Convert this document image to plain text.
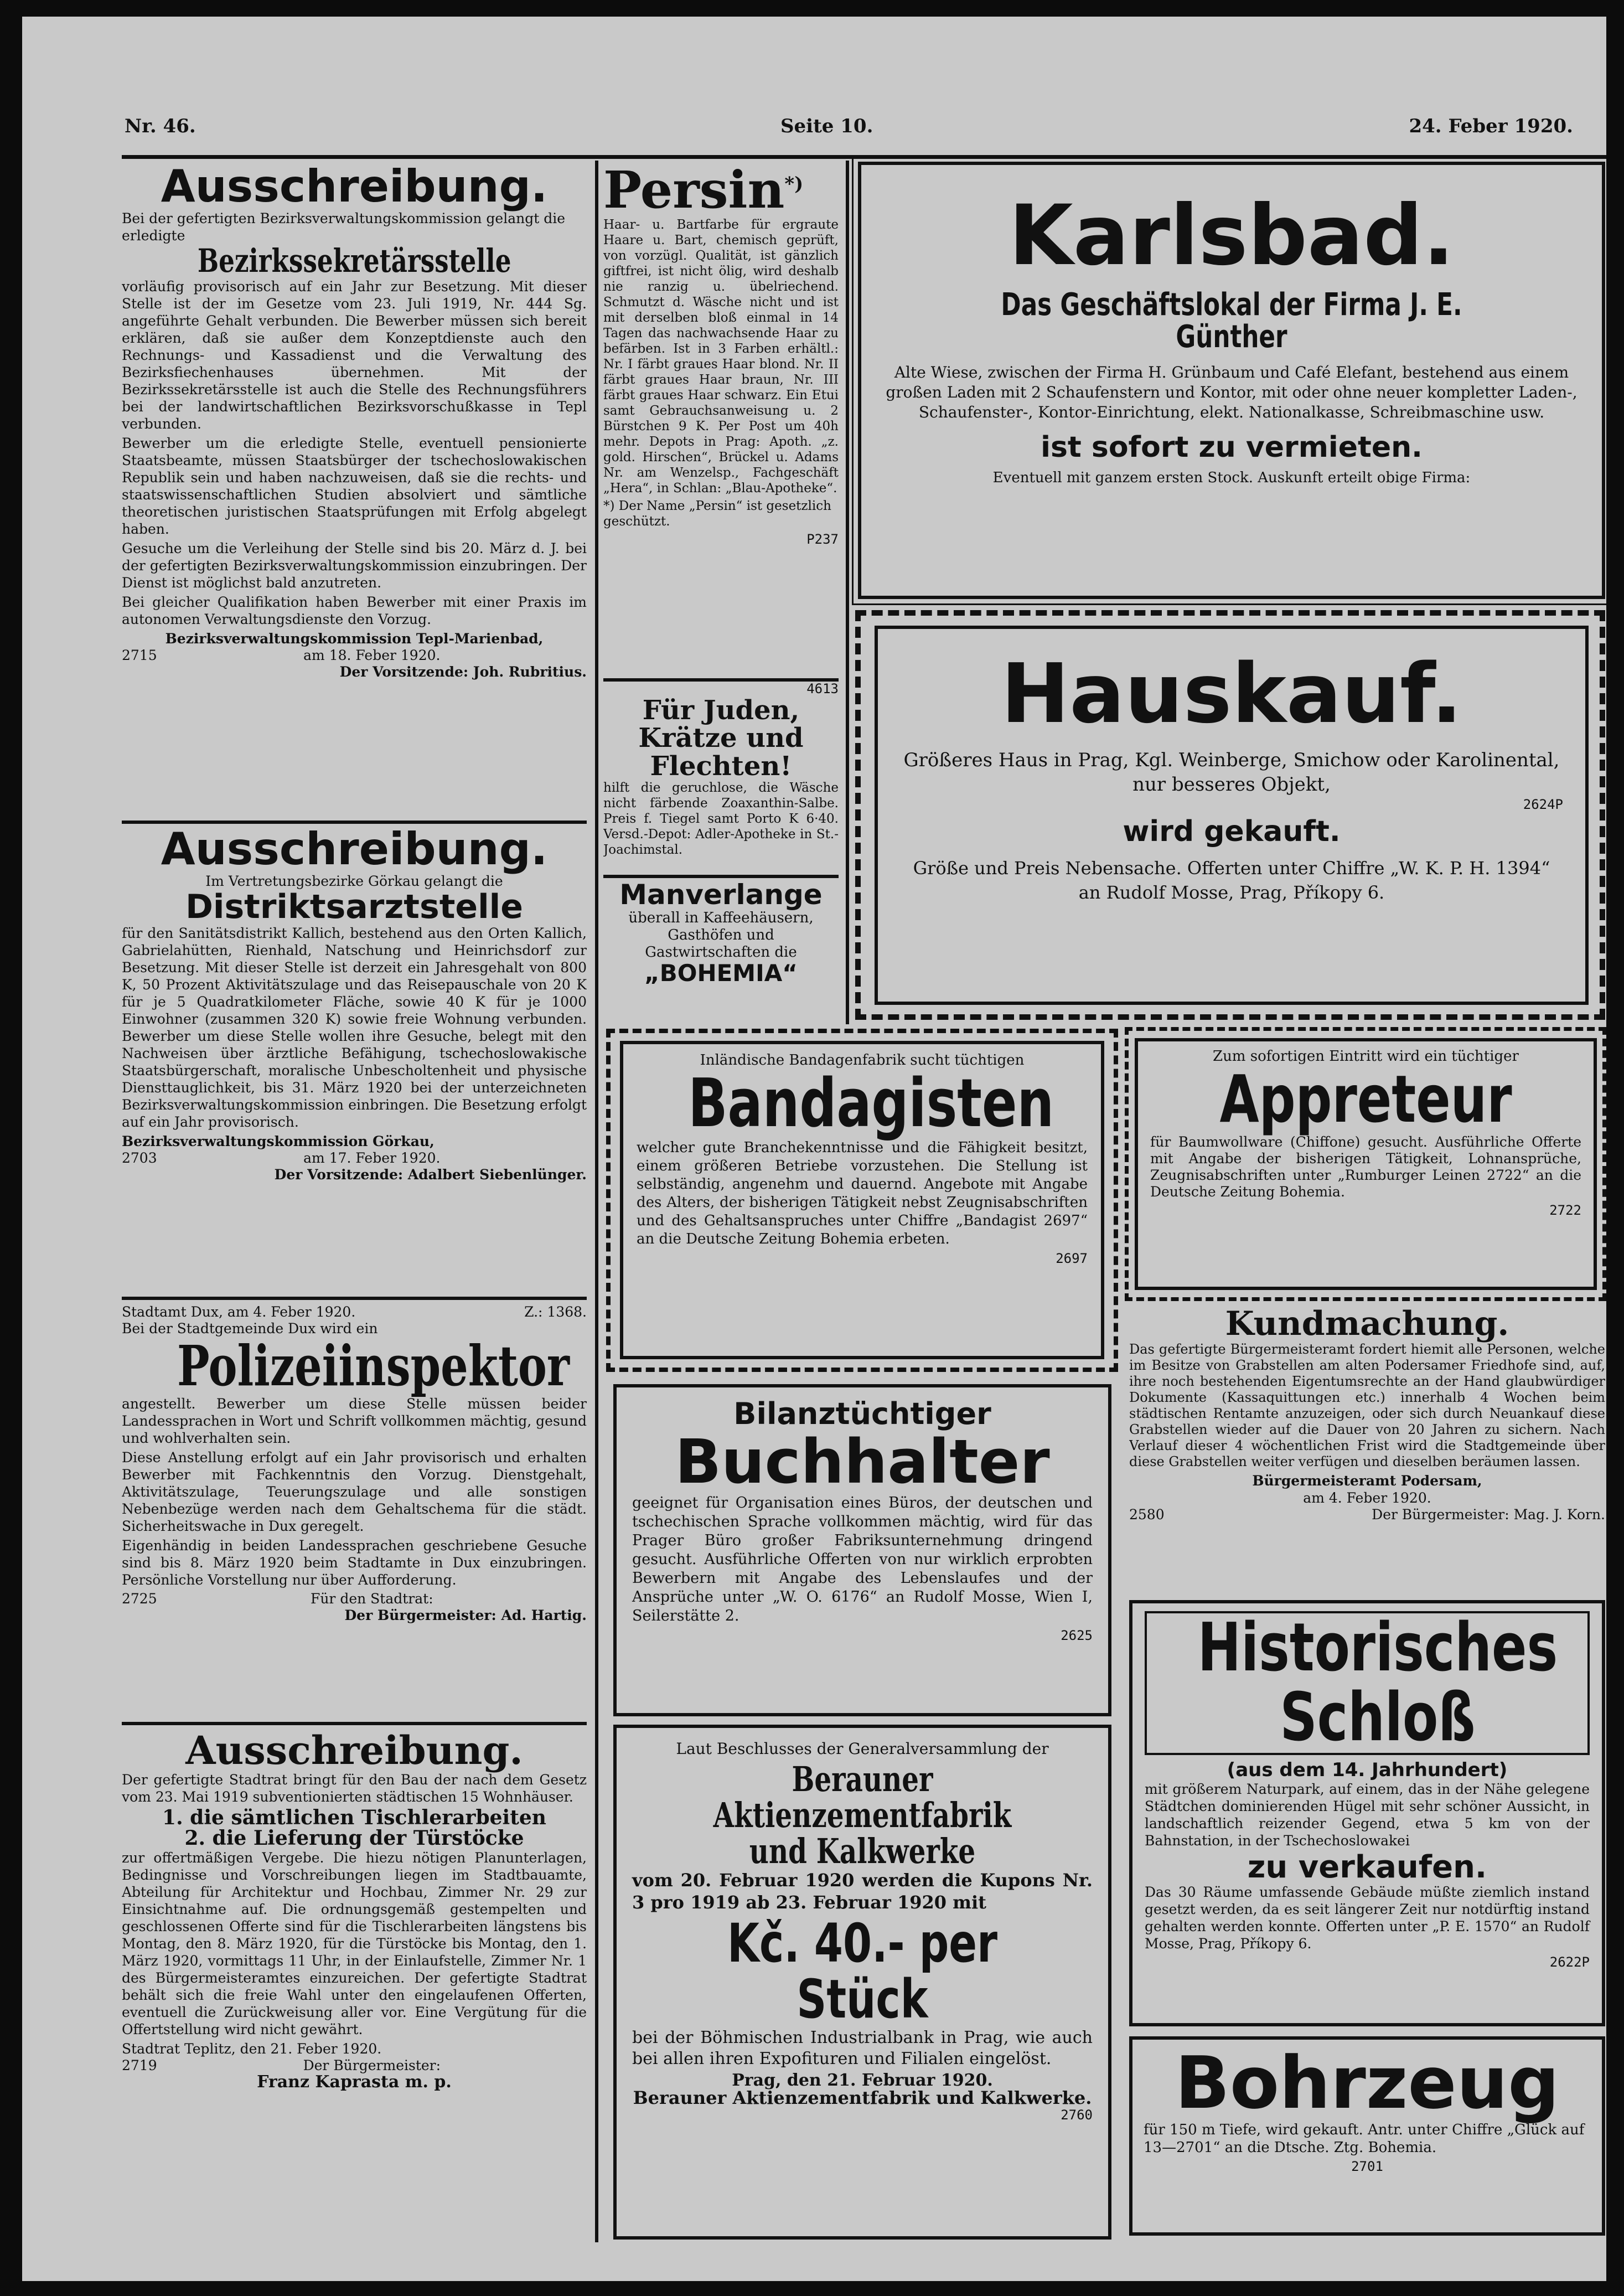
Nr. 46.	Seite 10.	24. Feber 1920.
Ausschreibung.
Bei der gefertigten Bezirksverwaltungskommission gelangt die erledigte
Bezirkssekretärsstelle

vorläufig provisorisch auf ein Jahr zur Besetzung. Mit dieser Stelle ist der im Gesetze vom 23. Juli 1919, Nr. 444 Sg. angeführte Gehalt verbunden. Die Bewerber müssen sich bereit erklären, daß sie außer dem Konzeptdienste auch den Rechnungs- und Kassadienst und die Verwaltung des Bezirksfiechenhauses übernehmen. Mit der Bezirkssekretärsstelle ist auch die Stelle des Rechnungsführers bei der landwirtschaftlichen Bezirksvorschußkasse in Tepl verbunden.

Bewerber um die erledigte Stelle, eventuell pensionierte Staatsbeamte, müssen Staatsbürger der tschechoslowakischen Republik sein und haben nachzuweisen, daß sie die rechts- und staatswissenschaftlichen Studien absolviert und sämtliche theoretischen juristischen Staatsprüfungen mit Erfolg abgelegt haben.

Gesuche um die Verleihung der Stelle sind bis 20. März d. J. bei der gefertigten Bezirksverwaltungskommission einzubringen. Der Dienst ist möglichst bald anzutreten.

Bei gleicher Qualifikation haben Bewerber mit einer Praxis im autonomen Verwaltungsdienste den Vorzug.

Bezirksverwaltungskommission Tepl-Marienbad,
2715	am 18. Feber 1920.
Der Vorsitzende: Joh. Rubritius.
Ausschreibung.
Im Vertretungsbezirke Görkau gelangt die
Distriktsarztstelle

für den Sanitätsdistrikt Kallich, bestehend aus den Orten Kallich, Gabrielahütten, Rienhald, Natschung und Heinrichsdorf zur Besetzung. Mit dieser Stelle ist derzeit ein Jahresgehalt von 800 K, 50 Prozent Aktivitätszulage und das Reisepauschale von 20 K für je 5 Quadratkilometer Fläche, sowie 40 K für je 1000 Einwohner (zusammen 320 K) sowie freie Wohnung verbunden. Bewerber um diese Stelle wollen ihre Gesuche, belegt mit den Nachweisen über ärztliche Befähigung, tschechoslowakische Staatsbürgerschaft, moralische Unbescholtenheit und physische Diensttauglichkeit, bis 31. März 1920 bei der unterzeichneten Bezirksverwaltungskommission einbringen. Die Besetzung erfolgt auf ein Jahr provisorisch.

Bezirksverwaltungskommission Görkau,
2703	am 17. Feber 1920.
Der Vorsitzende: Adalbert Siebenlünger.
Stadtamt Dux, am 4. Feber 1920.	Z.: 1368.
Bei der Stadtgemeinde Dux wird ein
Polizeiinspektor

angestellt. Bewerber um diese Stelle müssen beider Landessprachen in Wort und Schrift vollkommen mächtig, gesund und wohlverhalten sein.

Diese Anstellung erfolgt auf ein Jahr provisorisch und erhalten Bewerber mit Fachkenntnis den Vorzug. Dienstgehalt, Aktivitätszulage, Teuerungszulage und alle sonstigen Nebenbezüge werden nach dem Gehaltschema für die städt. Sicherheitswache in Dux geregelt.

Eigenhändig in beiden Landessprachen geschriebene Gesuche sind bis 8. März 1920 beim Stadtamte in Dux einzubringen. Persönliche Vorstellung nur über Aufforderung.

2725	Für den Stadtrat:
Der Bürgermeister: Ad. Hartig.
Ausschreibung.

Der gefertigte Stadtrat bringt für den Bau der nach dem Gesetz vom 23. Mai 1919 subventionierten städtischen 15 Wohnhäuser.

1. die sämtlichen Tischlerarbeiten
2. die Lieferung der Türstöcke

zur offertmäßigen Vergebe. Die hiezu nötigen Planunterlagen, Bedingnisse und Vorschreibungen liegen im Stadtbauamte, Abteilung für Architektur und Hochbau, Zimmer Nr. 29 zur Einsichtnahme auf. Die ordnungsgemäß gestempelten und geschlossenen Offerte sind für die Tischlerarbeiten längstens bis Montag, den 8. März 1920, für die Türstöcke bis Montag, den 1. März 1920, vormittags 11 Uhr, in der Einlaufstelle, Zimmer Nr. 1 des Bürgermeisteramtes einzureichen. Der gefertigte Stadtrat behält sich die freie Wahl unter den eingelaufenen Offerten, eventuell die Zurückweisung aller vor. Eine Vergütung für die Offertstellung wird nicht gewährt.

Stadtrat Teplitz, den 21. Feber 1920.
2719	Der Bürgermeister:
Franz Kaprasta m. p.
Persin*)

Haar- u. Bartfarbe für ergraute Haare u. Bart, chemisch geprüft, von vorzügl. Qualität, ist gänzlich giftfrei, ist nicht ölig, wird deshalb nie ranzig u. übelriechend. Schmutzt d. Wäsche nicht und ist mit derselben bloß einmal in 14 Tagen das nachwachsende Haar zu befärben. Ist in 3 Farben erhältl.: Nr. I färbt graues Haar blond. Nr. II färbt graues Haar braun, Nr. III färbt graues Haar schwarz. Ein Etui samt Gebrauchsanweisung u. 2 Bürstchen 9 K. Per Post um 40h mehr. Depots in Prag: Apoth. „z. gold. Hirschen“, Brückel u. Adams Nr. am Wenzelsp., Fachgeschäft „Hera“, in Schlan: „Blau-Apotheke“.

*) Der Name „Persin“ ist gesetzlich geschützt.

P237
4613
Für Juden, Krätze und Flechten!

hilft die geruchlose, die Wäsche nicht färbende Zoaxanthin-Salbe. Preis f. Tiegel samt Porto K 6·40. Versd.-Depot: Adler-Apotheke in St.-Joachimstal.

Manverlange
überall in Kaffeehäusern, Gasthöfen und Gastwirtschaften die
„BOHEMIA“
Karlsbad.
Das Geschäftslokal der Firma J. E. Günther
Alte Wiese, zwischen der Firma H. Grünbaum und Café Elefant, bestehend aus einem großen Laden mit 2 Schaufenstern und Kontor, mit oder ohne neuer kompletter Laden-, Schaufenster-, Kontor-Einrichtung, elekt. Nationalkasse, Schreibmaschine usw.
ist sofort zu vermieten.
Eventuell mit ganzem ersten Stock. Auskunft erteilt obige Firma:
Hauskauf.
Größeres Haus in Prag, Kgl. Weinberge, Smichow oder Karolinental, nur besseres Objekt,
2624P
wird gekauft.
Größe und Preis Nebensache. Offerten unter Chiffre „W. K. P. H. 1394“ an Rudolf Mosse, Prag, Příkopy 6.
Inländische Bandagenfabrik sucht tüchtigen
Bandagisten

welcher gute Branchekenntnisse und die Fähigkeit besitzt, einem größeren Betriebe vorzustehen. Die Stellung ist selbständig, angenehm und dauernd. Angebote mit Angabe des Alters, der bisherigen Tätigkeit nebst Zeugnisabschriften und des Gehaltsanspruches unter Chiffre „Bandagist 2697“ an die Deutsche Zeitung Bohemia erbeten.

2697
Bilanztüchtiger
Buchhalter

geeignet für Organisation eines Büros, der deutschen und tschechischen Sprache vollkommen mächtig, wird für das Prager Büro großer Fabriksunternehmung dringend gesucht. Ausführliche Offerten von nur wirklich erprobten Bewerbern mit Angabe des Lebenslaufes und der Ansprüche unter „W. O. 6176“ an Rudolf Mosse, Wien I, Seilerstätte 2.

2625

Laut Beschlusses der Generalversammlung der

Berauner Aktienzementfabrik und Kalkwerke

vom 20. Februar 1920 werden die Kupons Nr. 3 pro 1919 ab 23. Februar 1920 mit

Kč. 40.- per Stück

bei der Böhmischen Industrialbank in Prag, wie auch bei allen ihren Expofituren und Filialen eingelöst.

Prag, den 21. Februar 1920.
Berauner Aktienzementfabrik und Kalkwerke.
2760
Zum sofortigen Eintritt wird ein tüchtiger
Appreteur

für Baumwollware (Chiffone) gesucht. Ausführliche Offerte mit Angabe der bisherigen Tätigkeit, Lohnansprüche, Zeugnisabschriften unter „Rumburger Leinen 2722“ an die Deutsche Zeitung Bohemia.

2722
Kundmachung.

Das gefertigte Bürgermeisteramt fordert hiemit alle Personen, welche im Besitze von Grabstellen am alten Podersamer Friedhofe sind, auf, ihre noch bestehenden Eigentumsrechte an der Hand glaubwürdiger Dokumente (Kassaquittungen etc.) innerhalb 4 Wochen beim städtischen Rentamte anzuzeigen, oder sich durch Neuankauf diese Grabstellen wieder auf die Dauer von 20 Jahren zu sichern. Nach Verlauf dieser 4 wöchentlichen Frist wird die Stadtgemeinde über diese Grabstellen weiter verfügen und dieselben beräumen lassen.

Bürgermeisteramt Podersam,
am 4. Feber 1920.
2580	Der Bürgermeister: Mag. J. Korn.
Historisches Schloß
(aus dem 14. Jahrhundert)

mit größerem Naturpark, auf einem, das in der Nähe gelegene Städtchen dominierenden Hügel mit sehr schöner Aussicht, in landschaftlich reizender Gegend, etwa 5 km von der Bahnstation, in der Tschechoslowakei

zu verkaufen.

Das 30 Räume umfassende Gebäude müßte ziemlich instand gesetzt werden, da es seit längerer Zeit nur notdürftig instand gehalten werden konnte. Offerten unter „P. E. 1570“ an Rudolf Mosse, Prag, Příkopy 6.

2622P
Bohrzeug

für 150 m Tiefe, wird gekauft. Antr. unter Chiffre „Glück auf 13—2701“ an die Dtsche. Ztg. Bohemia.

2701
